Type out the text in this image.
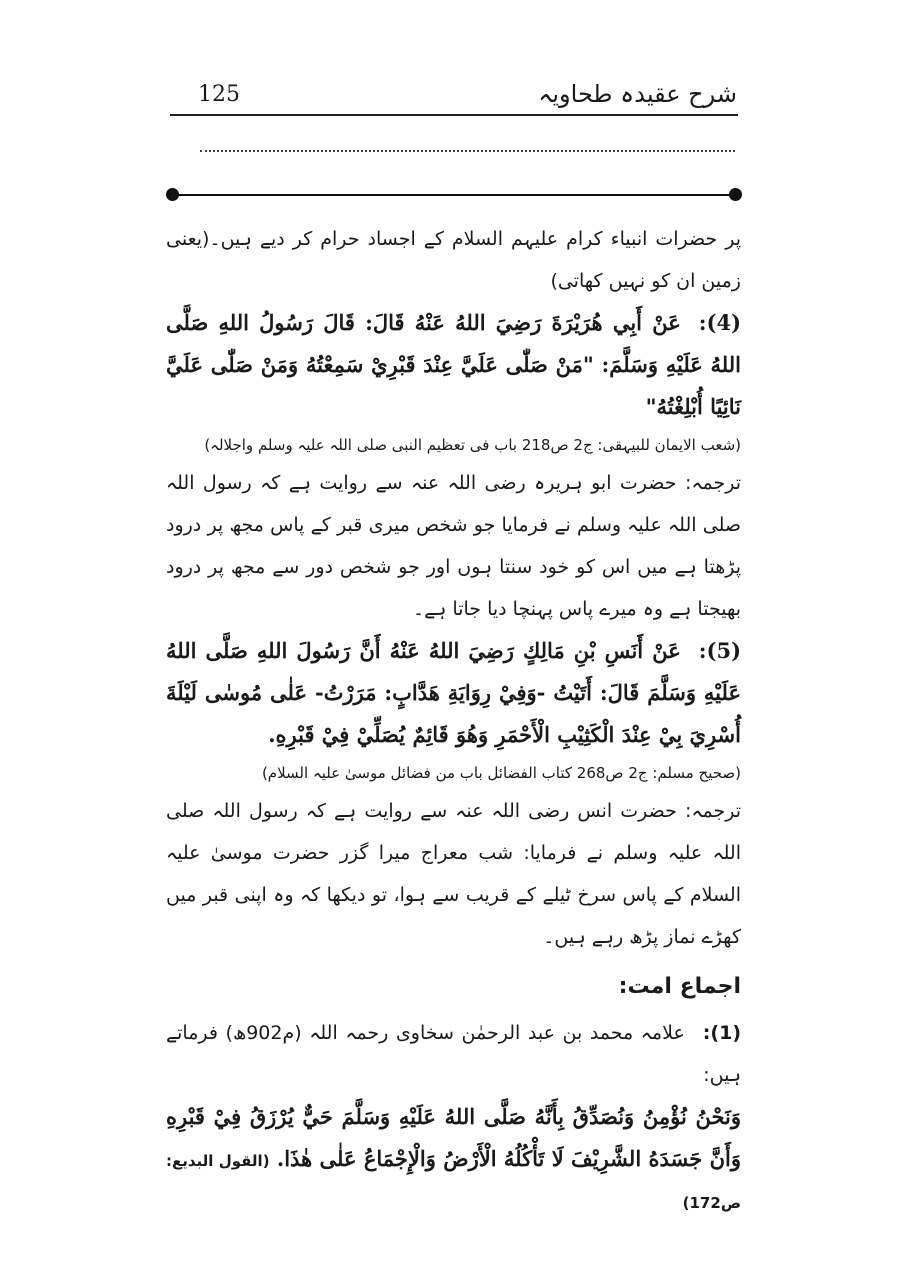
125	شرح عقیدہ طحاویہ

پر حضرات انبیاء کرام علیہم السلام کے اجساد حرام کر دیے ہیں۔(یعنی زمین ان کو نہیں کھاتی)

(4):عَنْ أَبِي هُرَيْرَةَ رَضِيَ اللهُ عَنْهُ قَالَ: قَالَ رَسُولُ اللهِ صَلَّى اللهُ عَلَيْهِ وَسَلَّمَ: "مَنْ صَلّٰى عَلَيَّ عِنْدَ قَبْرِيْ سَمِعْتُهُ وَمَنْ صَلّٰى عَلَيَّ نَائِيًا أُبْلِغْتُهُ"

(شعب الایمان للبیہقی: ج2 ص218 باب فی تعظیم النبی صلی اللہ علیہ وسلم واجلالہ)

ترجمہ: حضرت ابو ہریرہ رضی اللہ عنہ سے روایت ہے کہ رسول اللہ صلی اللہ علیہ وسلم نے فرمایا جو شخص میری قبر کے پاس مجھ پر درود پڑھتا ہے میں اس کو خود سنتا ہوں اور جو شخص دور سے مجھ پر درود بھیجتا ہے وہ میرے پاس پہنچا دیا جاتا ہے۔

(5):عَنْ أَنَسِ بْنِ مَالِكٍ رَضِيَ اللهُ عَنْهُ أَنَّ رَسُولَ اللهِ صَلَّى اللهُ عَلَيْهِ وَسَلَّمَ قَالَ: أَتَيْتُ -وَفِيْ رِوَايَةِ هَدَّابٍ: مَرَرْتُ- عَلٰى مُوسٰى لَيْلَةَ أُسْرِيَ بِيْ عِنْدَ الْكَثِيْبِ الْأَحْمَرِ وَهُوَ قَائِمٌ يُصَلِّيْ فِيْ قَبْرِهِ.

(صحیح مسلم: ج2 ص268 کتاب الفضائل باب من فضائل موسیٰ علیہ السلام)

ترجمہ: حضرت انس رضی اللہ عنہ سے روایت ہے کہ رسول اللہ صلی اللہ علیہ وسلم نے فرمایا: شب معراج میرا گزر حضرت موسیٰ علیہ السلام کے پاس سرخ ٹیلے کے قریب سے ہوا، تو دیکھا کہ وہ اپنی قبر میں کھڑے نماز پڑھ رہے ہیں۔

اجماع امت:

(1):علامہ محمد بن عبد الرحمٰن سخاوی رحمہ اللہ (م902ھ) فرماتے ہیں:

وَنَحْنُ نُؤْمِنُ وَنُصَدِّقُ بِأَنَّهُ صَلَّى اللهُ عَلَيْهِ وَسَلَّمَ حَيٌّ يُرْزَقُ فِيْ قَبْرِهِ وَأَنَّ جَسَدَهُ الشَّرِيْفَ لَا تَأْكُلُهُ الْأَرْضُ وَالْإِجْمَاعُ عَلٰى هٰذَا. (القول البدیع: ص172)
